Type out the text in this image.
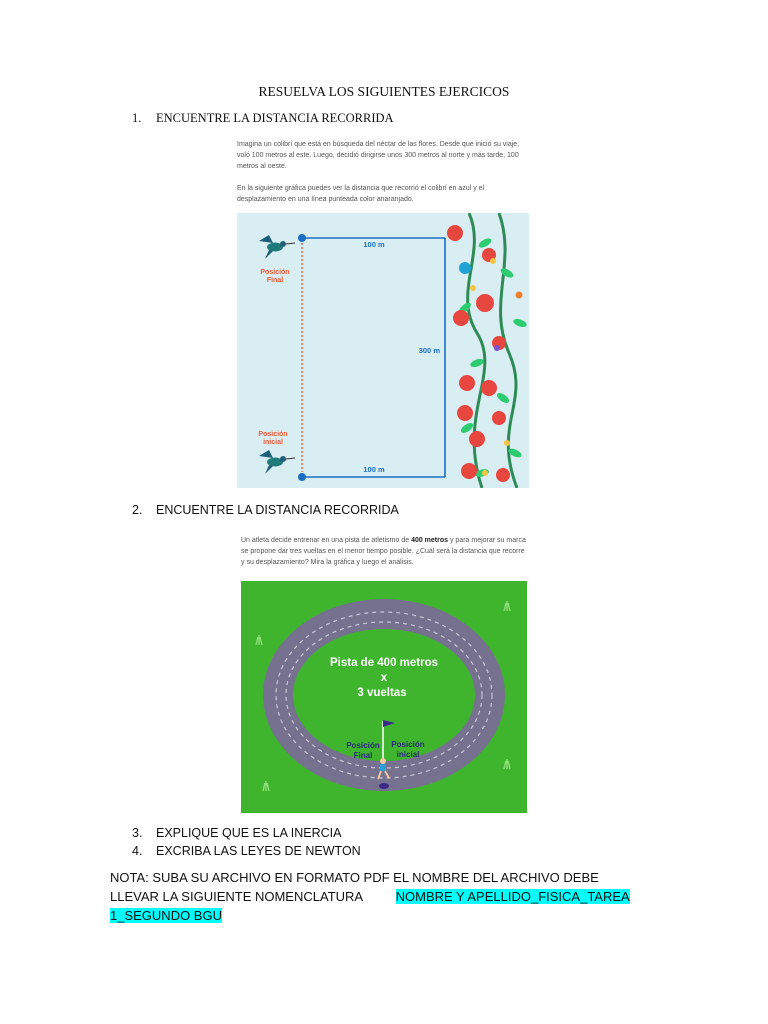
RESUELVA LOS SIGUIENTES EJERCICOS
1. ENCUENTRE LA DISTANCIA RECORRIDA
Imagina un colibrí que está en búsqueda del néctar de las flores. Desde que inició su viaje, voló 100 metros al este. Luego, decidió dirigirse unos 300 metros al norte y más tarde, 100 metros al oeste.
En la siguiente gráfica puedes ver la distancia que recorrió el colibrí en azul y el desplazamiento en una línea punteada color anaranjado.
100 m
300 m
100 m
Posición
Final
Posición
inicial
2. ENCUENTRE LA DISTANCIA RECORRIDA
Un atleta decide entrenar en una pista de atletismo de 400 metros y para mejorar su marca se propone dar tres vueltas en el menor tiempo posible. ¿Cuál será la distancia que recorre y su desplazamiento? Mira la gráfica y luego el análisis.
Pista de 400 metros
x
3 vueltas
Posición
Final
Posición
inicial
3. EXPLIQUE QUE ES LA INERCIA
4. EXCRIBA LAS LEYES DE NEWTON
NOTA: SUBA SU ARCHIVO EN FORMATO PDF EL NOMBRE DEL ARCHIVO DEBE LLEVAR LA SIGUIENTE NOMENCLATURA	NOMBRE Y APELLIDO_FISICA_TAREA 1_SEGUNDO BGU
